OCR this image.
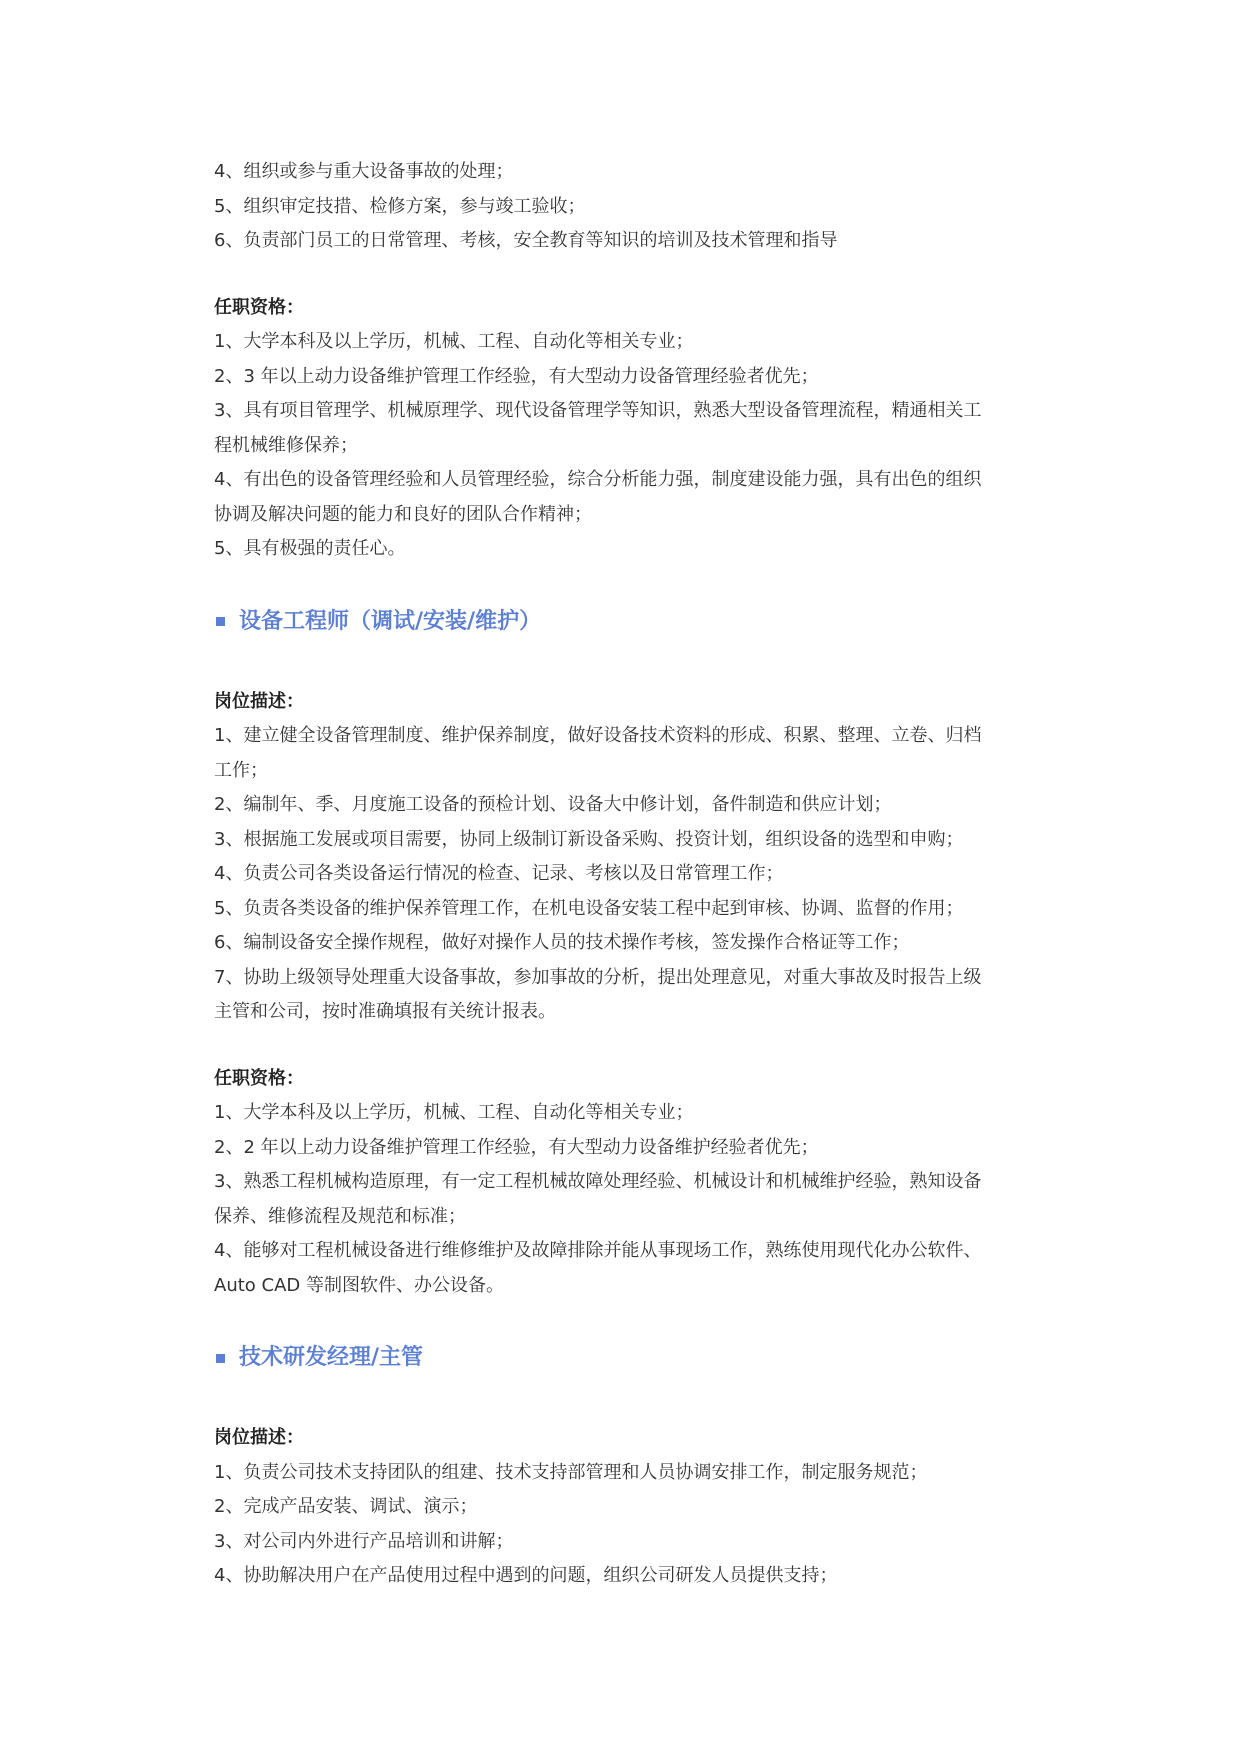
4、组织或参与重大设备事故的处理；

5、组织审定技措、检修方案，参与竣工验收；

6、负责部门员工的日常管理、考核，安全教育等知识的培训及技术管理和指导

任职资格：

1、大学本科及以上学历，机械、工程、自动化等相关专业；

2、3 年以上动力设备维护管理工作经验，有大型动力设备管理经验者优先；

3、具有项目管理学、机械原理学、现代设备管理学等知识，熟悉大型设备管理流程，精通相关工

程机械维修保养；

4、有出色的设备管理经验和人员管理经验，综合分析能力强，制度建设能力强，具有出色的组织

协调及解决问题的能力和良好的团队合作精神；

5、具有极强的责任心。

设备工程师（调试/安装/维护）

岗位描述：

1、建立健全设备管理制度、维护保养制度，做好设备技术资料的形成、积累、整理、立卷、归档

工作；

2、编制年、季、月度施工设备的预检计划、设备大中修计划，备件制造和供应计划；

3、根据施工发展或项目需要，协同上级制订新设备采购、投资计划，组织设备的选型和申购；

4、负责公司各类设备运行情况的检查、记录、考核以及日常管理工作；

5、负责各类设备的维护保养管理工作，在机电设备安装工程中起到审核、协调、监督的作用；

6、编制设备安全操作规程，做好对操作人员的技术操作考核，签发操作合格证等工作；

7、协助上级领导处理重大设备事故，参加事故的分析，提出处理意见，对重大事故及时报告上级

主管和公司，按时准确填报有关统计报表。

任职资格：

1、大学本科及以上学历，机械、工程、自动化等相关专业；

2、2 年以上动力设备维护管理工作经验，有大型动力设备维护经验者优先；

3、熟悉工程机械构造原理，有一定工程机械故障处理经验、机械设计和机械维护经验，熟知设备

保养、维修流程及规范和标准；

4、能够对工程机械设备进行维修维护及故障排除并能从事现场工作，熟练使用现代化办公软件、

Auto CAD 等制图软件、办公设备。

技术研发经理/主管

岗位描述：

1、负责公司技术支持团队的组建、技术支持部管理和人员协调安排工作，制定服务规范；

2、完成产品安装、调试、演示；

3、对公司内外进行产品培训和讲解；

4、协助解决用户在产品使用过程中遇到的问题，组织公司研发人员提供支持；
